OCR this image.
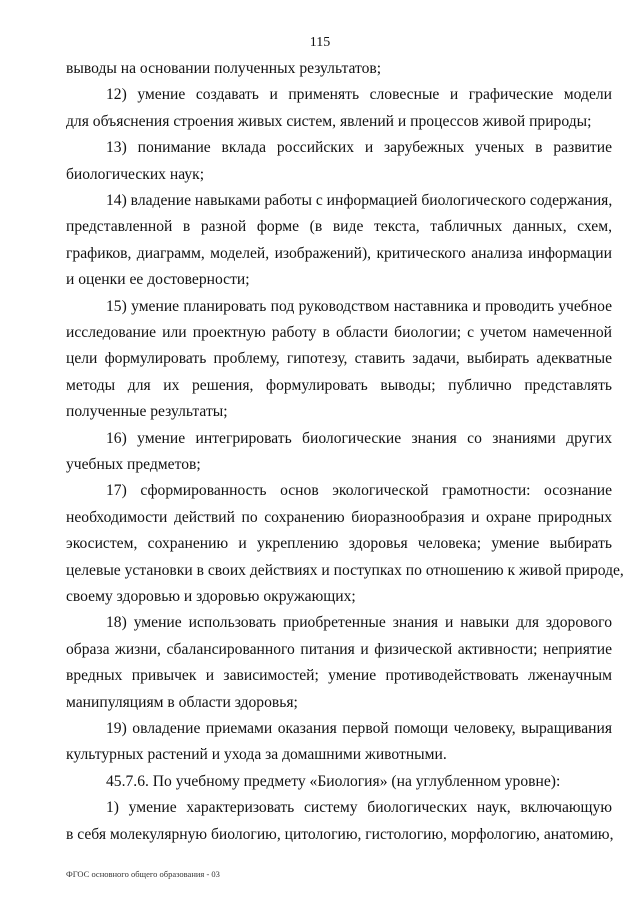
115
выводы на основании полученных результатов;
12) умение создавать и применять словесные и графические модели
для объяснения строения живых систем, явлений и процессов живой природы;
13) понимание вклада российских и зарубежных ученых в развитие
биологических наук;
14) владение навыками работы с информацией биологического содержания,
представленной в разной форме (в виде текста, табличных данных, схем,
графиков, диаграмм, моделей, изображений), критического анализа информации
и оценки ее достоверности;
15) умение планировать под руководством наставника и проводить учебное
исследование или проектную работу в области биологии; с учетом намеченной
цели формулировать проблему, гипотезу, ставить задачи, выбирать адекватные
методы для их решения, формулировать выводы; публично представлять
полученные результаты;
16) умение интегрировать биологические знания со знаниями других
учебных предметов;
17) сформированность основ экологической грамотности: осознание
необходимости действий по сохранению биоразнообразия и охране природных
экосистем, сохранению и укреплению здоровья человека; умение выбирать
целевые установки в своих действиях и поступках по отношению к живой природе,
своему здоровью и здоровью окружающих;
18) умение использовать приобретенные знания и навыки для здорового
образа жизни, сбалансированного питания и физической активности; неприятие
вредных привычек и зависимостей; умение противодействовать лженаучным
манипуляциям в области здоровья;
19) овладение приемами оказания первой помощи человеку, выращивания
культурных растений и ухода за домашними животными.
45.7.6. По учебному предмету «Биология» (на углубленном уровне):
1) умение характеризовать систему биологических наук, включающую
в себя молекулярную биологию, цитологию, гистологию, морфологию, анатомию,
ФГОС основного общего образования - 03
